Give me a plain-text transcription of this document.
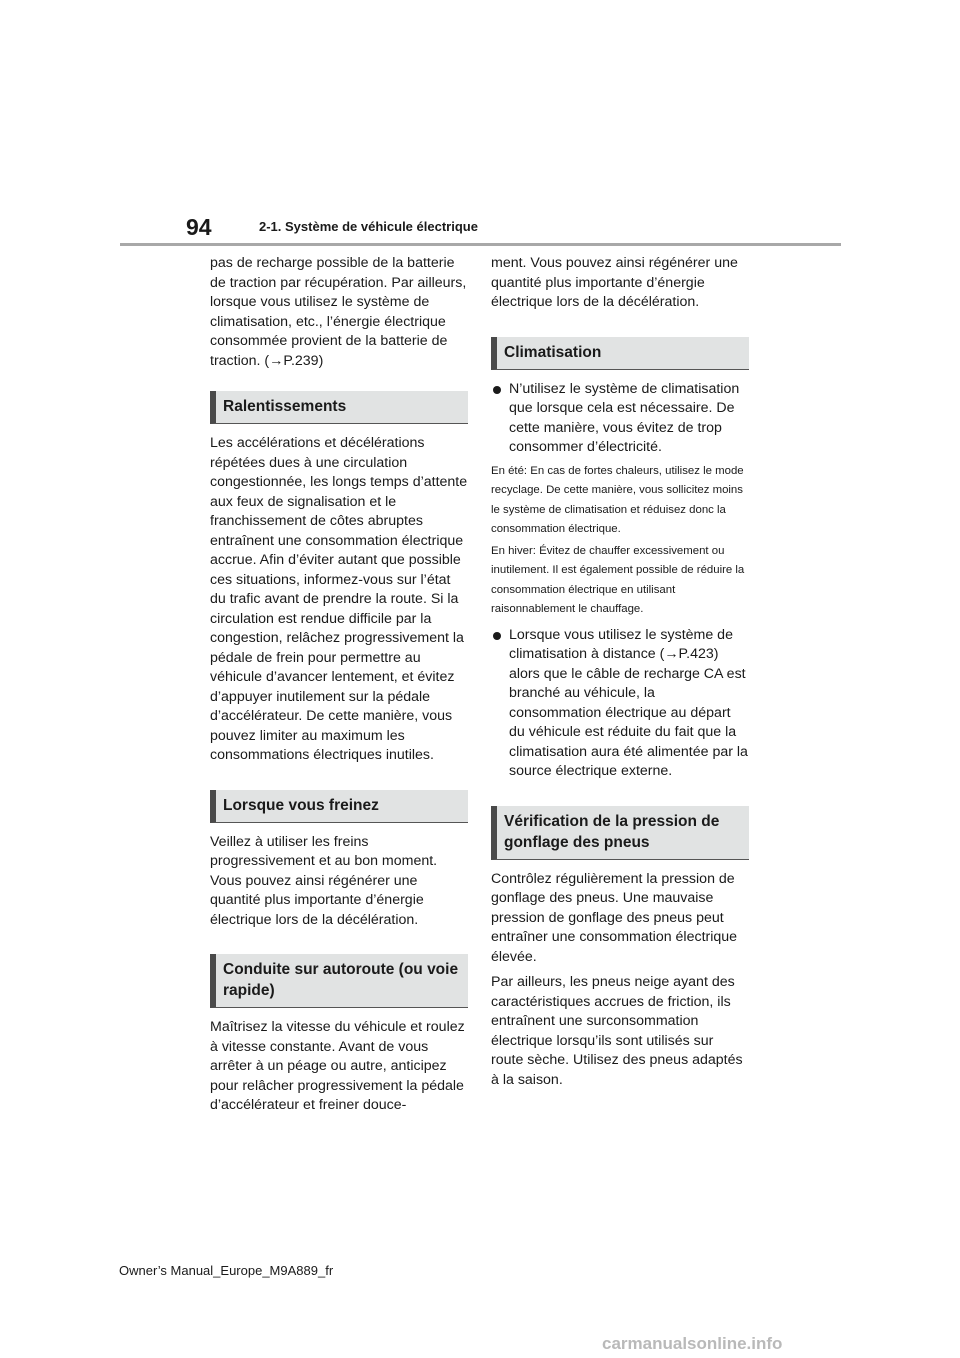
94	2-1. Système de véhicule électrique

pas de recharge possible de la batterie de traction par récupération. Par ailleurs, lorsque vous utilisez le système de climatisation, etc., l’énergie électrique consommée provient de la batterie de traction. (→P.239)

Ralentissements

Les accélérations et décélérations répétées dues à une circulation congestionnée, les longs temps d’attente aux feux de signalisation et le franchissement de côtes abruptes entraînent une consommation électrique accrue. Afin d’éviter autant que possible ces situations, informez-vous sur l’état du trafic avant de prendre la route. Si la circulation est rendue difficile par la congestion, relâchez progressivement la pédale de frein pour permettre au véhicule d’avancer lentement, et évitez d’appuyer inutilement sur la pédale d’accélérateur. De cette manière, vous pouvez limiter au maximum les consommations électriques inutiles.

Lorsque vous freinez

Veillez à utiliser les freins progressivement et au bon moment. Vous pouvez ainsi régénérer une quantité plus importante d’énergie électrique lors de la décélération.

Conduite sur autoroute (ou voie rapide)

Maîtrisez la vitesse du véhicule et roulez à vitesse constante. Avant de vous arrêter à un péage ou autre, anticipez pour relâcher progressivement la pédale d’accélérateur et freiner douce-

ment. Vous pouvez ainsi régénérer une quantité plus importante d’énergie électrique lors de la décélération.

Climatisation
N’utilisez le système de climatisation que lorsque cela est nécessaire. De cette manière, vous évitez de trop consommer d’électricité.

En été: En cas de fortes chaleurs, utilisez le mode recyclage. De cette manière, vous sollicitez moins le système de climatisation et réduisez donc la consommation électrique.

En hiver: Évitez de chauffer excessivement ou inutilement. Il est également possible de réduire la consommation électrique en utilisant raisonnablement le chauffage.

Lorsque vous utilisez le système de climatisation à distance (→P.423) alors que le câble de recharge CA est branché au véhicule, la consommation électrique au départ du véhicule est réduite du fait que la climatisation aura été alimentée par la source électrique externe.
Vérification de la pression de gonflage des pneus

Contrôlez régulièrement la pression de gonflage des pneus. Une mauvaise pression de gonflage des pneus peut entraîner une consommation électrique élevée.

Par ailleurs, les pneus neige ayant des caractéristiques accrues de friction, ils entraînent une surconsommation électrique lorsqu’ils sont utilisés sur route sèche. Utilisez des pneus adaptés à la saison.

Owner’s Manual_Europe_M9A889_fr
carmanualsonline.info
